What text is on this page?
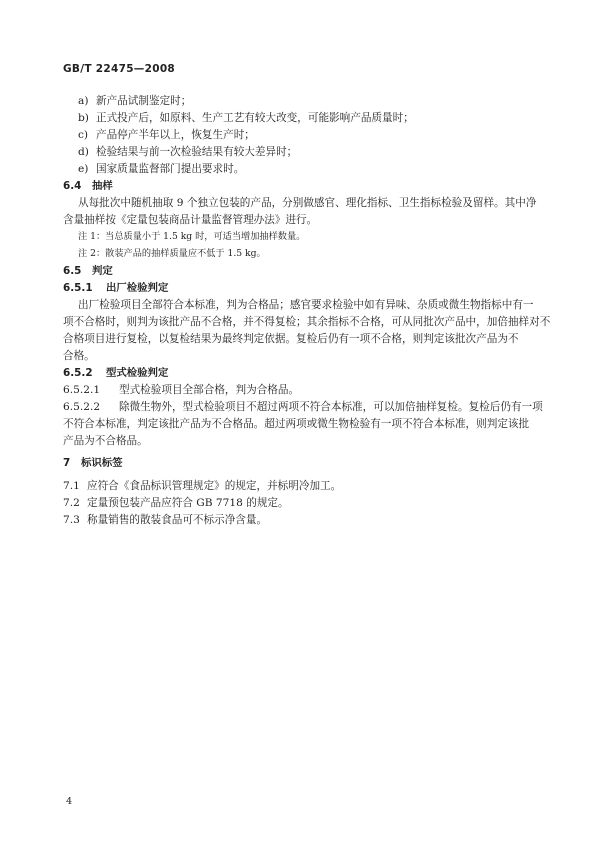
GB/T 22475—2008
a) 新产品试制鉴定时；
b) 正式投产后，如原料、生产工艺有较大改变，可能影响产品质量时；
c) 产品停产半年以上，恢复生产时；
d) 检验结果与前一次检验结果有较大差异时；
e) 国家质量监督部门提出要求时。
6.4 抽样
从每批次中随机抽取 9 个独立包装的产品，分别做感官、理化指标、卫生指标检验及留样。其中净
含量抽样按《定量包装商品计量监督管理办法》进行。
注 1：当总质量小于 1.5 kg 时，可适当增加抽样数量。
注 2：散装产品的抽样质量应不低于 1.5 kg。
6.5 判定
6.5.1 出厂检验判定
出厂检验项目全部符合本标准，判为合格品；感官要求检验中如有异味、杂质或微生物指标中有一
项不合格时，则判为该批产品不合格，并不得复检；其余指标不合格，可从同批次产品中，加倍抽样对不
合格项目进行复检，以复检结果为最终判定依据。复检后仍有一项不合格，则判定该批次产品为不
合格。
6.5.2 型式检验判定
6.5.2.1 型式检验项目全部合格，判为合格品。
6.5.2.2 除微生物外，型式检验项目不超过两项不符合本标准，可以加倍抽样复检。复检后仍有一项
不符合本标准，判定该批产品为不合格品。超过两项或微生物检验有一项不符合本标准，则判定该批
产品为不合格品。
7 标识标签
7.1 应符合《食品标识管理规定》的规定，并标明冷加工。
7.2 定量预包装产品应符合 GB 7718 的规定。
7.3 称量销售的散装食品可不标示净含量。
4
